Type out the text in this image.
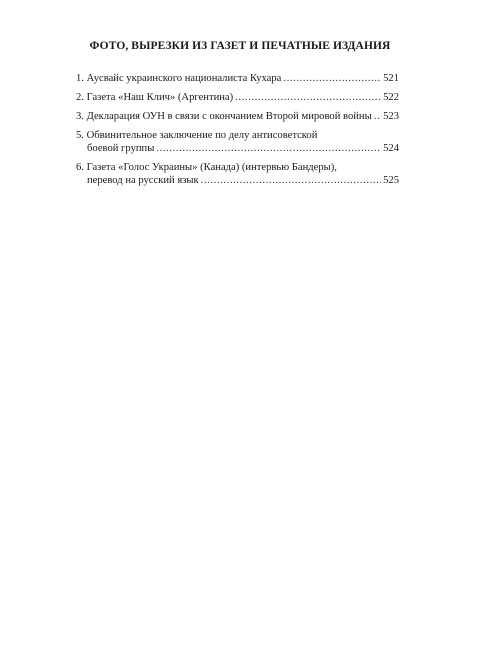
ФОТО, ВЫРЕЗКИ ИЗ ГАЗЕТ И ПЕЧАТНЫЕ ИЗДАНИЯ
1. Аусвайс украинского националиста Кухара .....	521
2. Газета «Наш Клич» (Аргентина) .....	522
3. Декларация ОУН в связи с окончанием Второй мировой войны ..... 523
5. Обвинительное заключение по делу антисоветской
боевой группы .....	524
6. Газета «Голос Украины» (Канада) (интервью Бандеры),
перевод на русский язык .....	525
